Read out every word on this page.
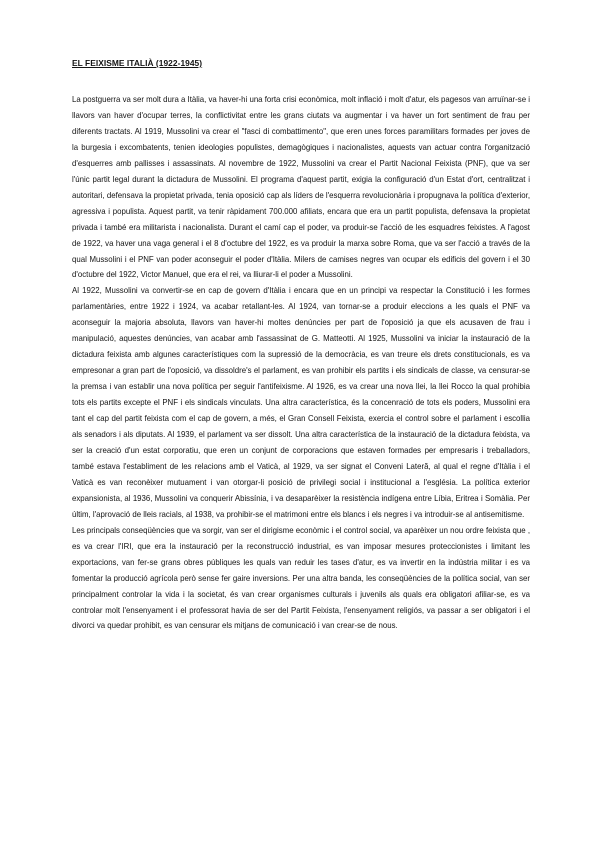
EL FEIXISME ITALIÀ (1922-1945)

La postguerra va ser molt dura a Itàlia, va haver-hi una forta crisi econòmica, molt inflació i molt d'atur, els pagesos van arruïnar-se i llavors van haver d'ocupar terres, la conflictivitat entre les grans ciutats va augmentar i va haver un fort sentiment de frau per diferents tractats. Al 1919, Mussolini va crear el "fasci di combattimento", que eren unes forces paramilitars formades per joves de la burgesia i excombatents, tenien ideologies populistes, demagògiques i nacionalistes, aquests van actuar contra l'organització d'esquerres amb pallisses i assassinats. Al novembre de 1922, Mussolini va crear el Partit Nacional Feixista (PNF), que va ser l'únic partit legal durant la dictadura de Mussolini. El programa d'aquest partit, exigia la configuració d'un Estat d'ort, centralitzat i autoritari, defensava la propietat privada, tenia oposició cap als líders de l'esquerra revolucionària i propugnava la política d'exterior, agressiva i populista. Aquest partit, va tenir ràpidament 700.000 afiliats, encara que era un partit populista, defensava la propietat privada i també era militarista i nacionalista. Durant el camí cap el poder, va produir-se l'acció de les esquadres feixistes. A l'agost de 1922, va haver una vaga general i el 8 d'octubre del 1922, es va produir la marxa sobre Roma, que va ser l'acció a través de la qual Mussolini i el PNF van poder aconseguir el poder d'Itàlia. Milers de camises negres van ocupar els edificis del govern i el 30 d'octubre del 1922, Victor Manuel, que era el rei, va lliurar-li el poder a Mussolini.

Al 1922, Mussolini va convertir-se en cap de govern d'Itàlia i encara que en un principi va respectar la Constitució i les formes parlamentàries, entre 1922 i 1924, va acabar retallant-les. Al 1924, van tornar-se a produir eleccions a les quals el PNF va aconseguir la majoria absoluta, llavors van haver-hi moltes denúncies per part de l'oposició ja que els acusaven de frau i manipulació, aquestes denúncies, van acabar amb l'assassinat de G. Matteotti. Al 1925, Mussolini va iniciar la instauració de la dictadura feixista amb algunes característiques com la supressió de la democràcia, es van treure els drets constitucionals, es va empresonar a gran part de l'oposició, va dissoldre's el parlament, es van prohibir els partits i els sindicals de classe, va censurar-se la premsa i van establir una nova política per seguir l'antifeixisme. Al 1926, es va crear una nova llei, la llei Rocco la qual prohibia tots els partits excepte el PNF i els sindicals vinculats. Una altra característica, és la concenració de tots els poders, Mussolini era tant el cap del partit feixista com el cap de govern, a més, el Gran Consell Feixista, exercia el control sobre el parlament i escollia als senadors i als diputats. Al 1939, el parlament va ser dissolt. Una altra característica de la instauració de la dictadura feixista, va ser la creació d'un estat corporatiu, que eren un conjunt de corporacions que estaven formades per empresaris i treballadors, també estava l'establiment de les relacions amb el Vaticà, al 1929, va ser signat el Conveni Lateră, al qual el regne d'Itàlia i el Vaticà es van reconèixer mutuament i van otorgar-li posició de privilegi social i institucional a l'església. La política exterior expansionista, al 1936, Mussolini va conquerir Abissínia, i va desaparèixer la resistència indígena entre Líbia, Eritrea i Somàlia. Per últim, l'aprovació de lleis racials, al 1938, va prohibir-se el matrimoni entre els blancs i els negres i va introduir-se al antisemitisme.

Les principals conseqüències que va sorgir, van ser el dirigisme econòmic i el control social, va aparèixer un nou ordre feixista que , es va crear l'IRI, que era la instauració per la reconstrucció industrial, es van imposar mesures proteccionistes i limitant les exportacions, van fer-se grans obres públiques les quals van reduir les tases d'atur, es va invertir en la indústria militar i es va fomentar la producció agrícola però sense fer gaire inversions. Per una altra banda, les conseqüències de la política social, van ser principalment controlar la vida i la societat, és van crear organismes culturals i juvenils als quals era obligatori afiliar-se, es va controlar molt l'ensenyament i el professorat havia de ser del Partit Feixista, l'ensenyament religiós, va passar a ser obligatori i el divorci va quedar prohibit, es van censurar els mitjans de comunicació i van crear-se de nous.
